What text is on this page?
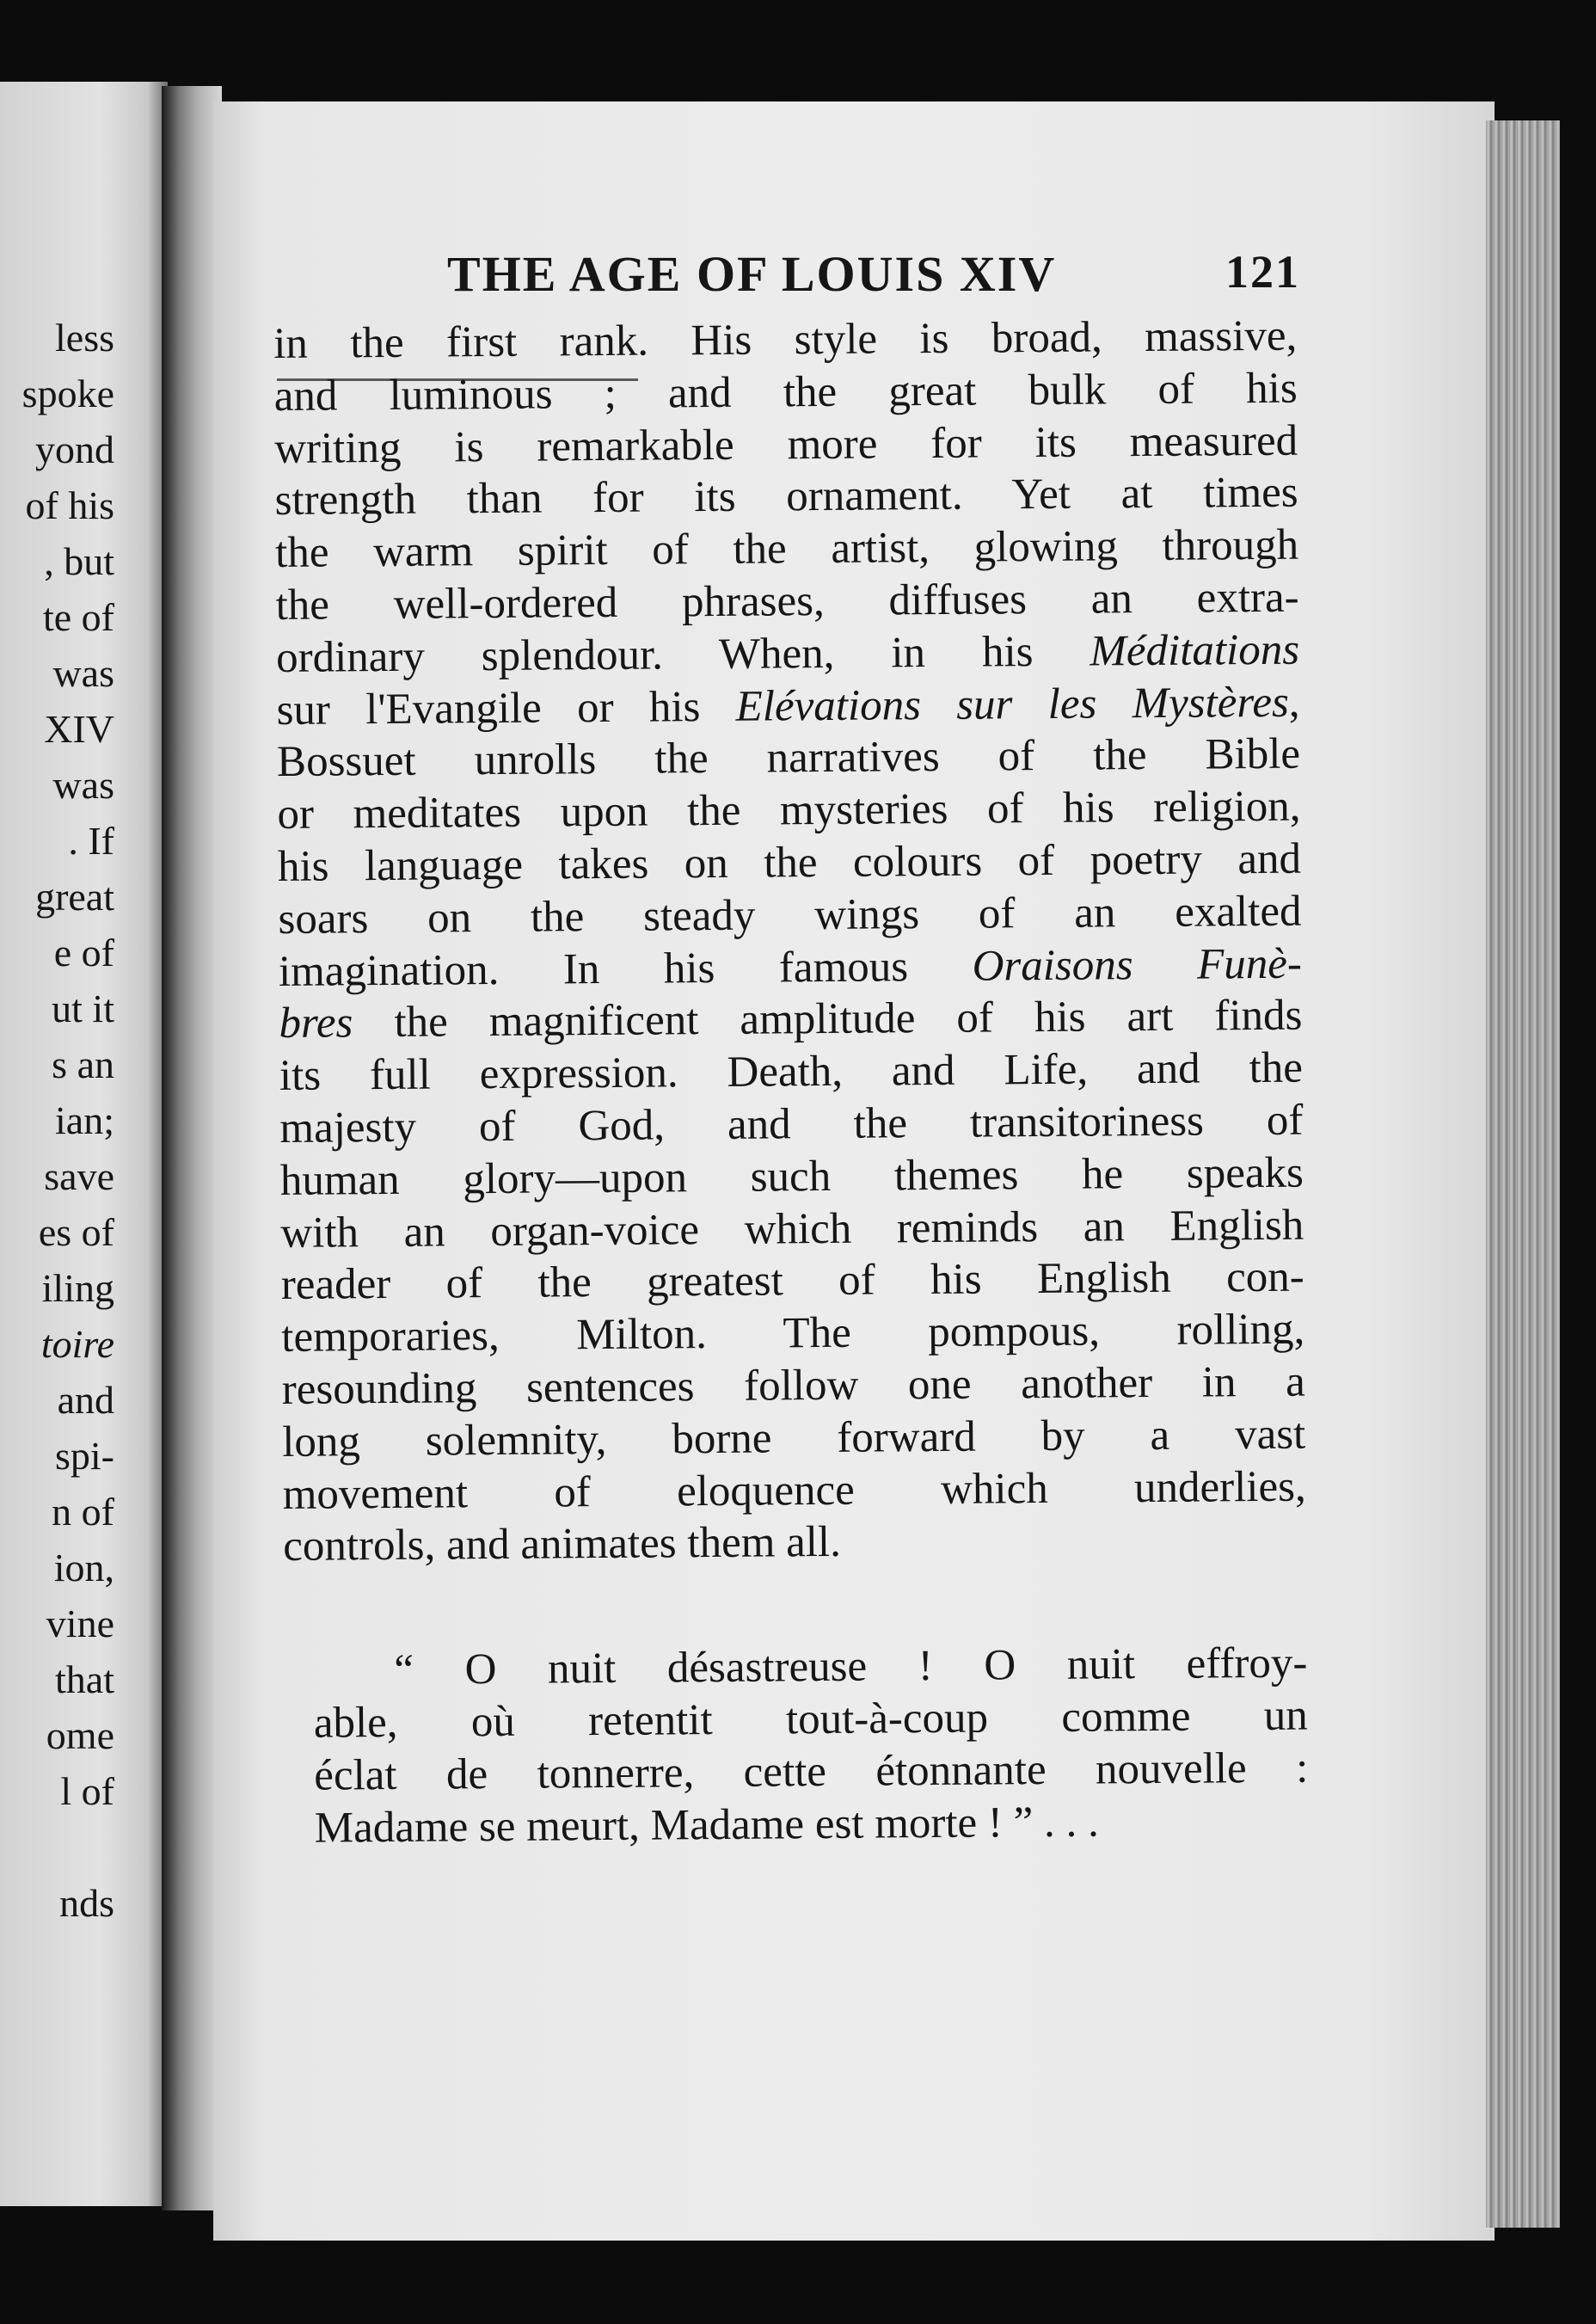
less
spoke
yond
of his
, but
te of
was
XIV
was
. If
great
e of
ut it
s an
ian;
save
es of
iling
toire
and
spi-
n of
ion,
vine
that
ome
l of
nds
THE AGE OF LOUIS XIV	121
in the first rank. His style is broad, massive,
and luminous ; and the great bulk of his
writing is remarkable more for its measured
strength than for its ornament. Yet at times
the warm spirit of the artist, glowing through
the well-ordered phrases, diffuses an extra-
ordinary splendour. When, in his Méditations
sur l'Evangile or his Elévations sur les Mystères,
Bossuet unrolls the narratives of the Bible
or meditates upon the mysteries of his religion,
his language takes on the colours of poetry and
soars on the steady wings of an exalted
imagination. In his famous Oraisons Funè-
bres the magnificent amplitude of his art finds
its full expression. Death, and Life, and the
majesty of God, and the transitoriness of
human glory—upon such themes he speaks
with an organ-voice which reminds an English
reader of the greatest of his English con-
temporaries, Milton. The pompous, rolling,
resounding sentences follow one another in a
long solemnity, borne forward by a vast
movement of eloquence which underlies,
controls, and animates them all.
“ O nuit désastreuse ! O nuit effroy-
able, où retentit tout-à-coup comme un
éclat de tonnerre, cette étonnante nouvelle :
Madame se meurt, Madame est morte ! ” . . .
